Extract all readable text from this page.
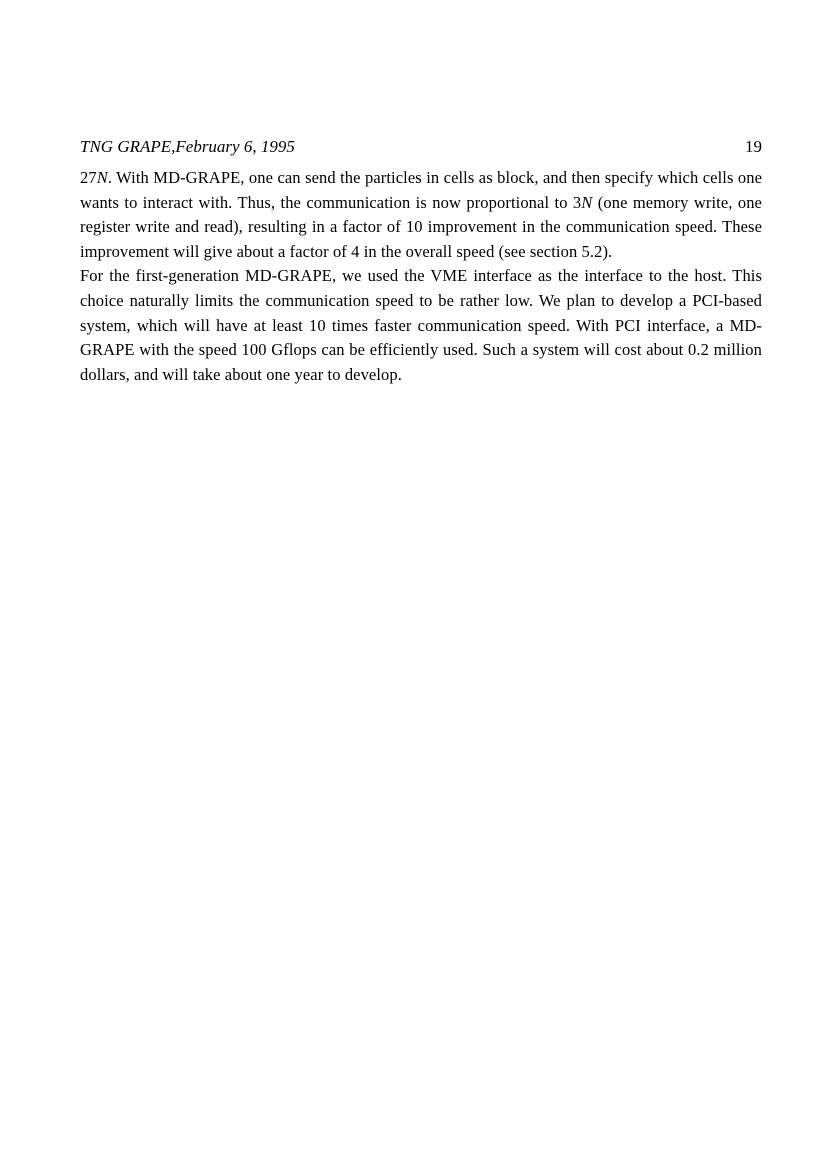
TNG GRAPE,February 6, 1995	19

27N. With MD-GRAPE, one can send the particles in cells as block, and then specify which cells one wants to interact with. Thus, the communication is now proportional to 3N (one memory write, one register write and read), resulting in a factor of 10 improvement in the communication speed. These improvement will give about a factor of 4 in the overall speed (see section 5.2).

For the first-generation MD-GRAPE, we used the VME interface as the interface to the host. This choice naturally limits the communication speed to be rather low. We plan to develop a PCI-based system, which will have at least 10 times faster communication speed. With PCI interface, a MD-GRAPE with the speed 100 Gflops can be efficiently used. Such a system will cost about 0.2 million dollars, and will take about one year to develop.
